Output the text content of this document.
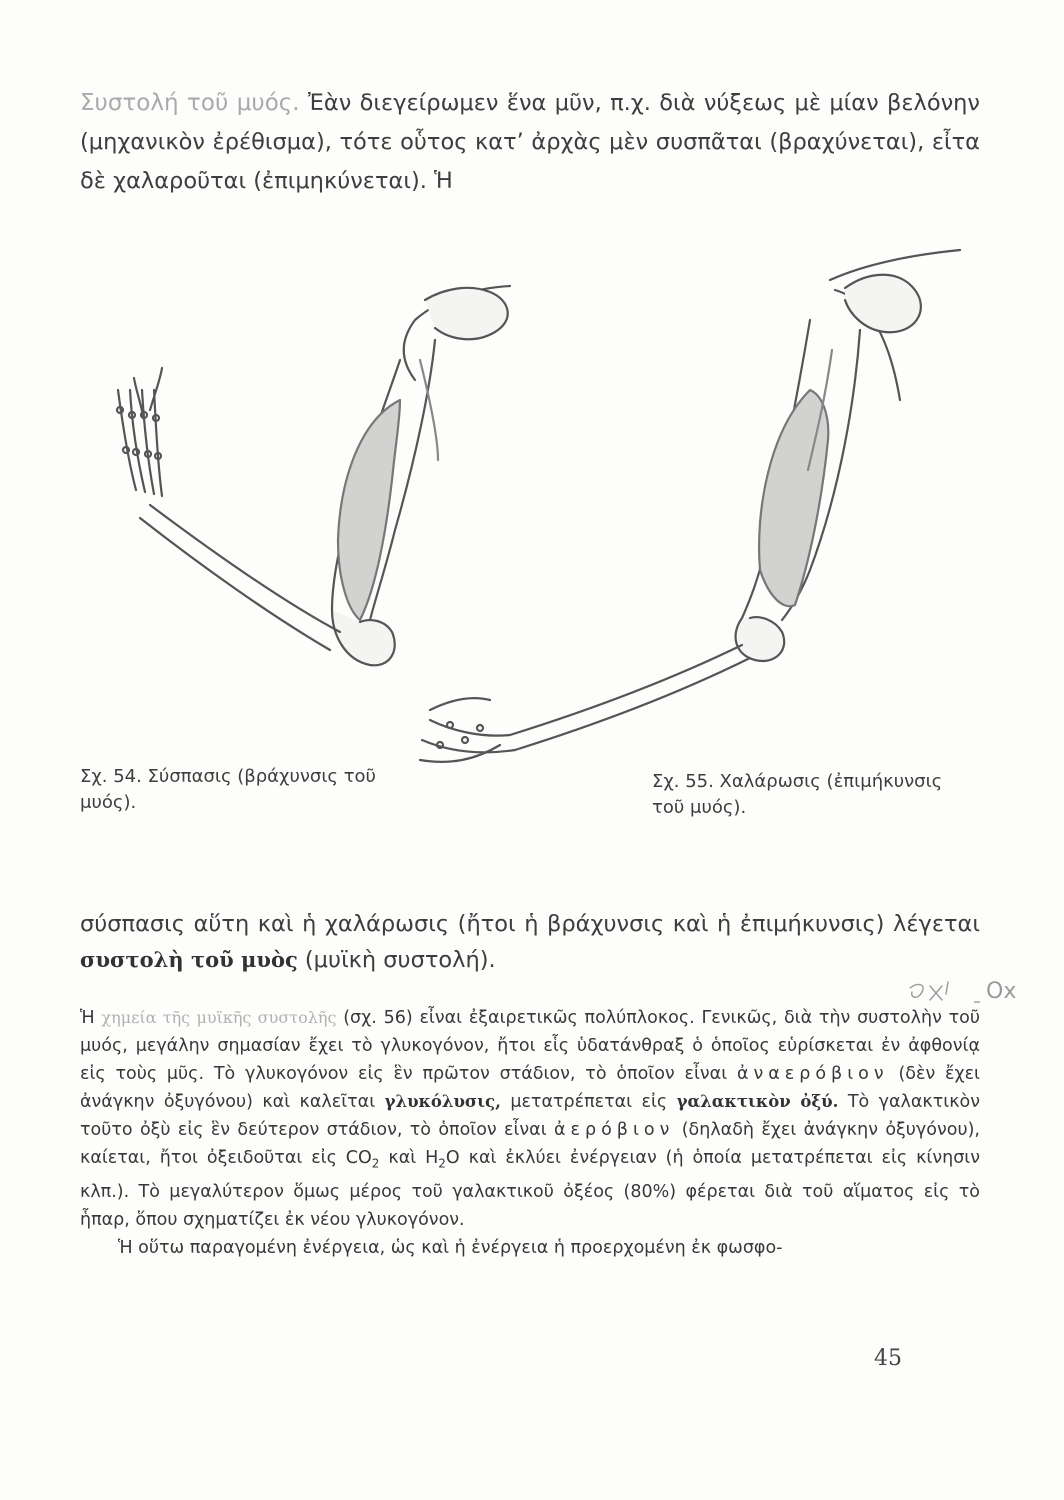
Συστολή τοῦ μυός. Ἐὰν διεγείρωμεν ἕνα μῦν, π.χ. διὰ νύξεως μὲ μίαν βελόνην (μηχανικὸν ἐρέθισμα), τότε οὗτος κατ’ ἀρχὰς μὲν συσπᾶται (βραχύνεται), εἶτα δὲ χαλαροῦται (ἐπιμηκύνεται). Ἡ

Σχ. 54. Σύσπασις (βράχυνσις τοῦ μυός).

Σχ. 55. Χαλάρωσις (ἐπιμήκυνσις τοῦ μυός).

σύσπασις αὕτη καὶ ἡ χαλάρωσις (ἤτοι ἡ βράχυνσις καὶ ἡ ἐπιμήκυνσις) λέγεται συστολὴ τοῦ μυὸς (μυϊκὴ συστολή).

Ox

Ἡ χημεία τῆς μυϊκῆς συστολῆς (σχ. 56) εἶναι ἐξαιρετικῶς πολύπλοκος. Γενικῶς, διὰ τὴν συστολὴν τοῦ μυός, μεγάλην σημασίαν ἔχει τὸ γλυκογόνον, ἤτοι εἷς ὑδατάνθραξ ὁ ὁποῖος εὑρίσκεται ἐν ἀφθονίᾳ εἰς τοὺς μῦς. Τὸ γλυκογόνον εἰς ἓν πρῶτον στάδιον, τὸ ὁποῖον εἶναι ἀναερόβιον (δὲν ἔχει ἀνάγκην ὀξυγόνου) καὶ καλεῖται γλυκόλυσις, μετατρέπεται εἰς γαλακτικὸν ὀξύ. Τὸ γαλακτικὸν τοῦτο ὀξὺ εἰς ἓν δεύτερον στάδιον, τὸ ὁποῖον εἶναι ἀερόβιον (δηλαδὴ ἔχει ἀνάγκην ὀξυγόνου), καίεται, ἤτοι ὀξειδοῦται εἰς $CO_2$ καὶ $H_2O$ καὶ ἐκλύει ἐνέργειαν (ἡ ὁποία μετατρέπεται εἰς κίνησιν κλπ.). Τὸ μεγαλύτερον ὅμως μέρος τοῦ γαλακτικοῦ ὀξέος (80%) φέρεται διὰ τοῦ αἵματος εἰς τὸ ἧπαρ, ὅπου σχηματίζει ἐκ νέου γλυκογόνον.

Ἡ οὕτω παραγομένη ἐνέργεια, ὡς καὶ ἡ ἐνέργεια ἡ προερχομένη ἐκ φωσφο-

45
